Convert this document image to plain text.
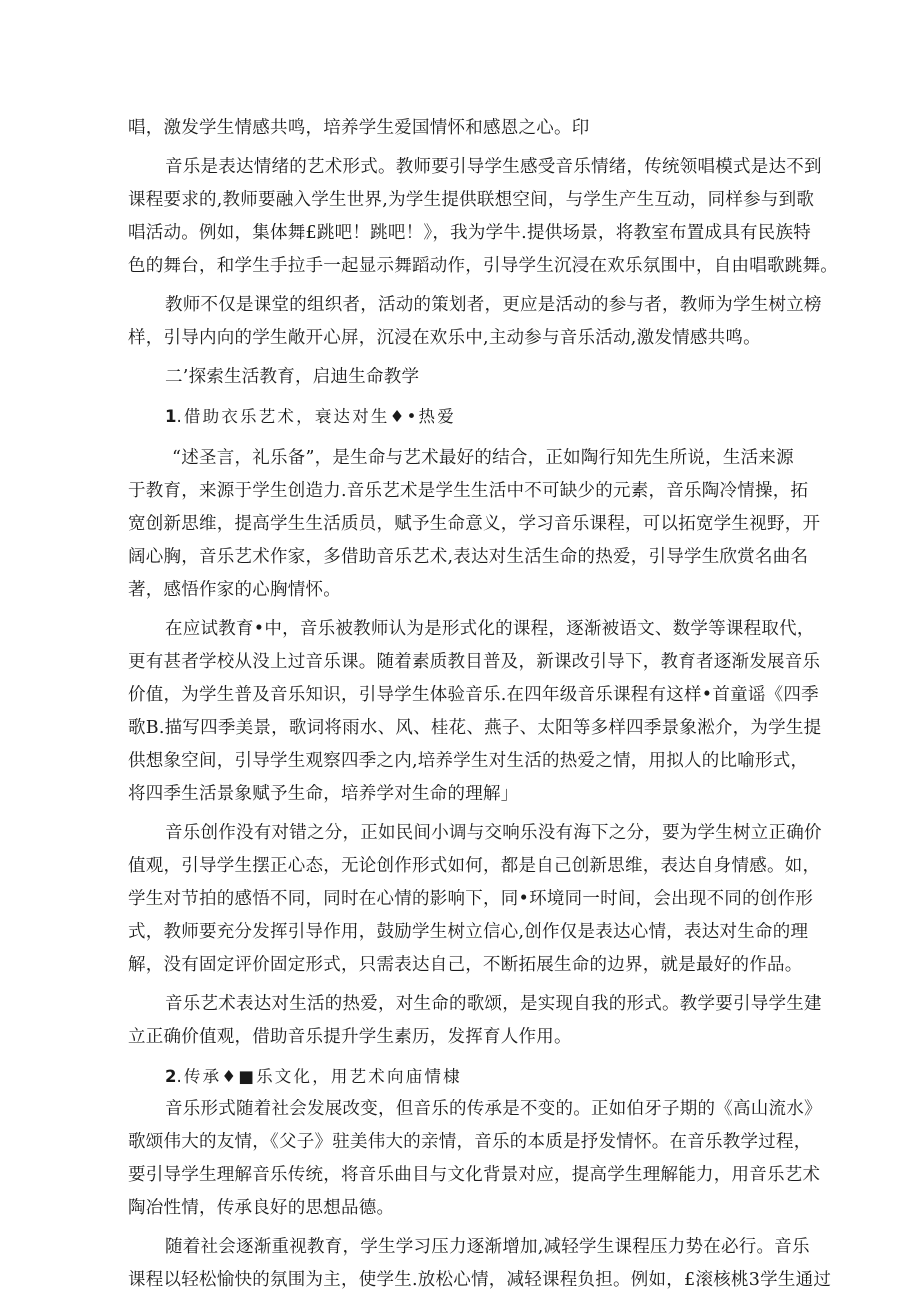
唱，激发学生情感共鸣，培养学生爱国情怀和感恩之心。印
音乐是表达情绪的艺术形式。教师要引导学生感受音乐情绪，传统领唱模式是达不到
课程要求的,教师要融入学生世界,为学生提供联想空间，与学生产生互动，同样参与到歌
唱活动。例如，集体舞£跳吧！跳吧！》，我为学牛.提供场景，将教室布置成具有民族特
色的舞台，和学生手拉手一起显示舞蹈动作，引导学生沉浸在欢乐氛围中，自由唱歌跳舞。
教师不仅是课堂的组织者，活动的策划者，更应是活动的参与者，教师为学生树立榜
样，引导内向的学生敞开心屏，沉浸在欢乐中,主动参与音乐活动,激发情感共鸣。
二’探索生活教育，启迪生命教学
1.借助衣乐艺术，衰达对生♦•热爱
“述圣言，礼乐备”，是生命与艺术最好的结合，正如陶行知先生所说，生活来源
于教育，来源于学生创造力.音乐艺术是学生生活中不可缺少的元素，音乐陶冷情操，拓
宽创新思维，提高学生生活质员，赋予生命意义，学习音乐课程，可以拓宽学生视野，开
阔心胸，音乐艺术作家，多借助音乐艺术,表达对生活生命的热爱，引导学生欣赏名曲名
著，感悟作家的心胸情怀。
在应试教育•中，音乐被教师认为是形式化的课程，逐渐被语文、数学等课程取代，
更有甚者学校从没上过音乐课。随着素质教目普及，新课改引导下，教育者逐渐发展音乐
价值，为学生普及音乐知识，引导学生体验音乐.在四年级音乐课程有这样•首童谣《四季
歌B.描写四季美景，歌词将雨水、风、桂花、燕子、太阳等多样四季景象淞介，为学生提
供想象空间，引导学生观察四季之内,培养学生对生活的热爱之情，用拟人的比喻形式，
将四季生活景象赋予生命，培养学对生命的理解」
音乐创作没有对错之分，正如民间小调与交响乐没有海下之分，要为学生树立正确价
值观，引导学生摆正心态，无论创作形式如何，都是自己创新思维，表达自身情感。如，
学生对节拍的感悟不同，同时在心情的影响下，同•环境同一时间，会出现不同的创作形
式，教师要充分发挥引导作用，鼓励学生树立信心,创作仅是表达心情，表达对生命的理
解，没有固定评价固定形式，只需表达自己，不断拓展生命的边界，就是最好的作品。
音乐艺术表达对生活的热爱，对生命的歌颂，是实现自我的形式。教学要引导学生建
立正确价值观，借助音乐提升学生素历，发挥育人作用。
2.传承♦■乐文化，用艺术向庙情棣
音乐形式随着社会发展改变，但音乐的传承是不变的。正如伯牙子期的《高山流水》
歌颂伟大的友情，《父子》驻美伟大的亲情，音乐的本质是抒发情怀。在音乐教学过程，
要引导学生理解音乐传统，将音乐曲目与文化背景对应，提高学生理解能力，用音乐艺术
陶冶性情，传承良好的思想品德。
随着社会逐渐重视教育，学生学习压力逐渐增加,减轻学生课程压力势在必行。音乐
课程以轻松愉快的氛围为主，使学生.放松心情，减轻课程负担。例如，£滚核桃3学生通过
